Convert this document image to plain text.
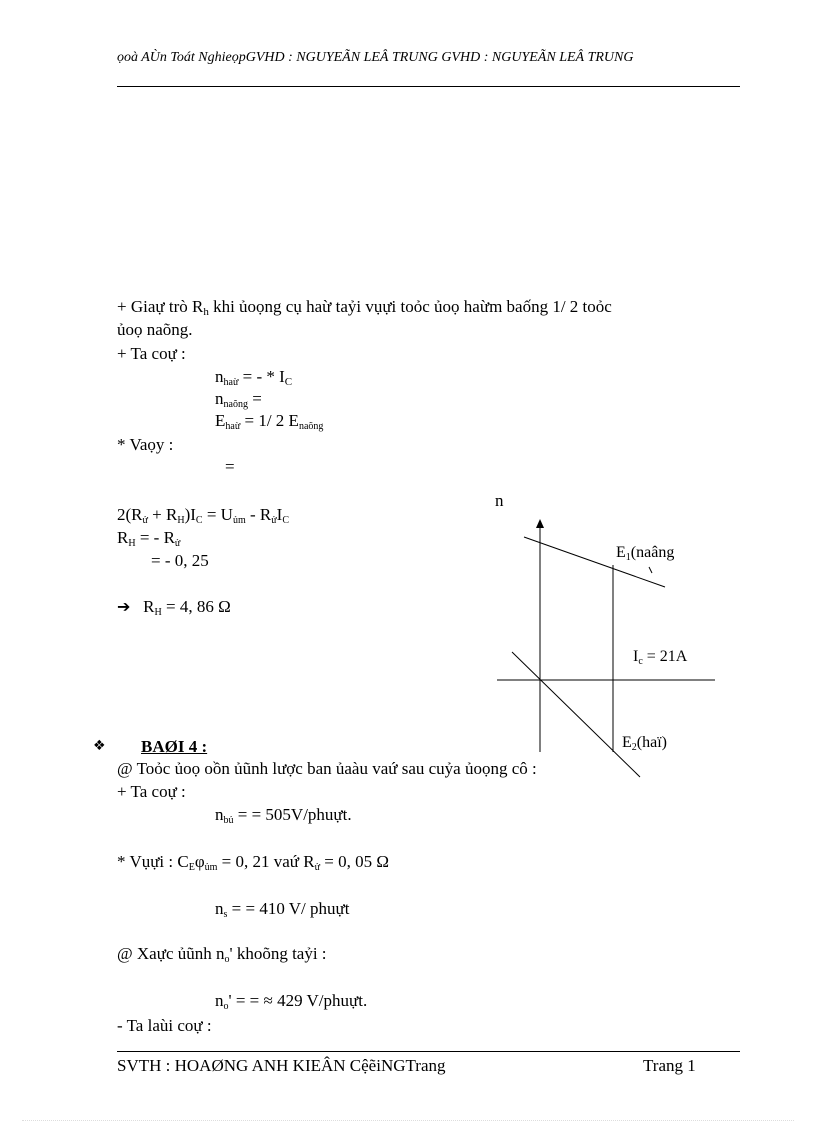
ọoà AÙn Toát NghieọpGVHD : NGUYEÃN LEÂ TRUNG GVHD : NGUYEÃN LEÂ TRUNG
+ Giaự trò $R_h$ khi ủoọng cụ haừ taỷi vụựi toỏc ủoọ haừm baống 1/ 2 toỏc
ủoọ naõng.
+ Ta coự :
$n_{haừ}$ = - * $I_C$
$n_{naõng}$ =
$E_{haừ} = 1/$ 2 $E_{naõng}$
* Vaọy :
=
$2(R_ử + R_H)I_C = U_{ủm} - R_ửI_C$
$R_H$ = - $R_ử$
= - 0, 25
➔ $R_H = 4$, 86 Ω
❖ BAØI 4 :
@ Toỏc ủoọ oồn ủũnh lược ban ủaàu vaứ sau cuỷa ủoọng cô :
+ Ta coự :
$n_{bủ}$ = = 505V/phuựt.
* Vụựi : $C_E\varphi_{ủm} = 0$, 21 vaứ $R_ử = 0$, 05 Ω
$n_s$ = = 410 V/ phuựt
@ Xaực ủũnh $n_o'$ khoõng taỷi :
$n_o'$ = = ≈ 429 V/phuựt.
- Ta laùi coự :
n
$E_1(naâng$
$I_c = 21A$
$E_2(haï)$
SVTH : HOAØNG ANH KIEÂN CệẽiNGTrang	Trang 1
